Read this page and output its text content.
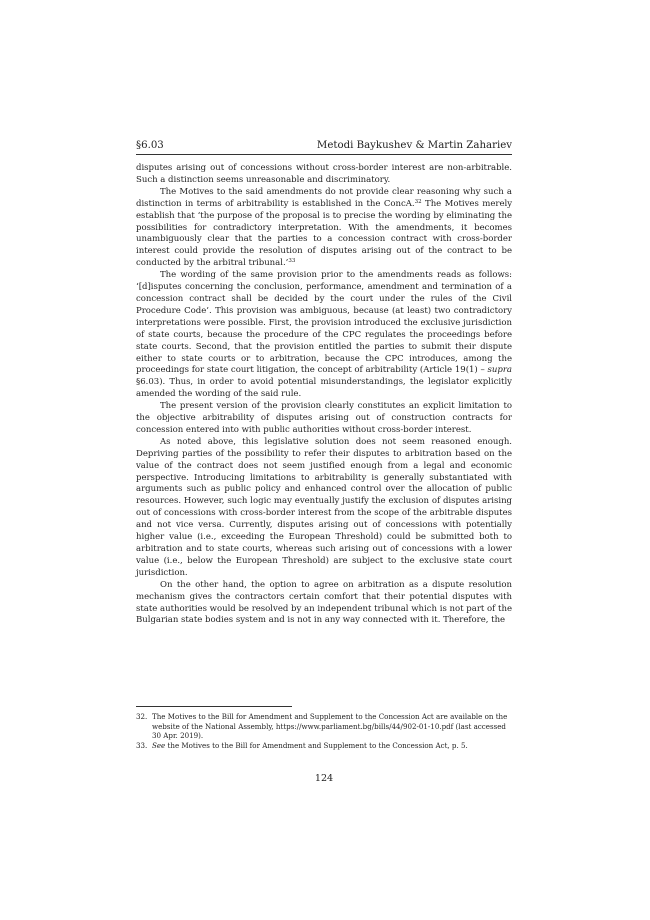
§6.03	Metodi Baykushev & Martin Zahariev

disputes arising out of concessions without cross-border interest are non-arbitrable. Such a distinction seems unreasonable and discriminatory.

The Motives to the said amendments do not provide clear reasoning why such a distinction in terms of arbitrability is established in the ConcA.$^{32}$ The Motives merely establish that ‘the purpose of the proposal is to precise the wording by eliminating the possibilities for contradictory interpretation. With the amendments, it becomes unambiguously clear that the parties to a concession contract with cross-border interest could provide the resolution of disputes arising out of the contract to be conducted by the arbitral tribunal.’$^{33}$

The wording of the same provision prior to the amendments reads as follows: ‘[d]isputes concerning the conclusion, performance, amendment and termination of a concession contract shall be decided by the court under the rules of the Civil Procedure Code’. This provision was ambiguous, because (at least) two contradictory interpretations were possible. First, the provision introduced the exclusive jurisdiction of state courts, because the procedure of the CPC regulates the proceedings before state courts. Second, that the provision entitled the parties to submit their dispute either to state courts or to arbitration, because the CPC introduces, among the proceedings for state court litigation, the concept of arbitrability (Article 19(1) – supra §6.03). Thus, in order to avoid potential misunderstandings, the legislator explicitly amended the wording of the said rule.

The present version of the provision clearly constitutes an explicit limitation to the objective arbitrability of disputes arising out of construction contracts for concession entered into with public authorities without cross-border interest.

As noted above, this legislative solution does not seem reasoned enough. Depriving parties of the possibility to refer their disputes to arbitration based on the value of the contract does not seem justified enough from a legal and economic perspective. Introducing limitations to arbitrability is generally substantiated with arguments such as public policy and enhanced control over the allocation of public resources. However, such logic may eventually justify the exclusion of disputes arising out of concessions with cross-border interest from the scope of the arbitrable disputes and not vice versa. Currently, disputes arising out of concessions with potentially higher value (i.e., exceeding the European Threshold) could be submitted both to arbitration and to state courts, whereas such arising out of concessions with a lower value (i.e., below the European Threshold) are subject to the exclusive state court jurisdiction.

On the other hand, the option to agree on arbitration as a dispute resolution mechanism gives the contractors certain comfort that their potential disputes with state authorities would be resolved by an independent tribunal which is not part of the Bulgarian state bodies system and is not in any way connected with it. Therefore, the

32. The Motives to the Bill for Amendment and Supplement to the Concession Act are available on the website of the National Assembly, https://www.parliament.bg/bills/44/902-01-10.pdf (last accessed 30 Apr. 2019).
33. See the Motives to the Bill for Amendment and Supplement to the Concession Act, p. 5.
124
